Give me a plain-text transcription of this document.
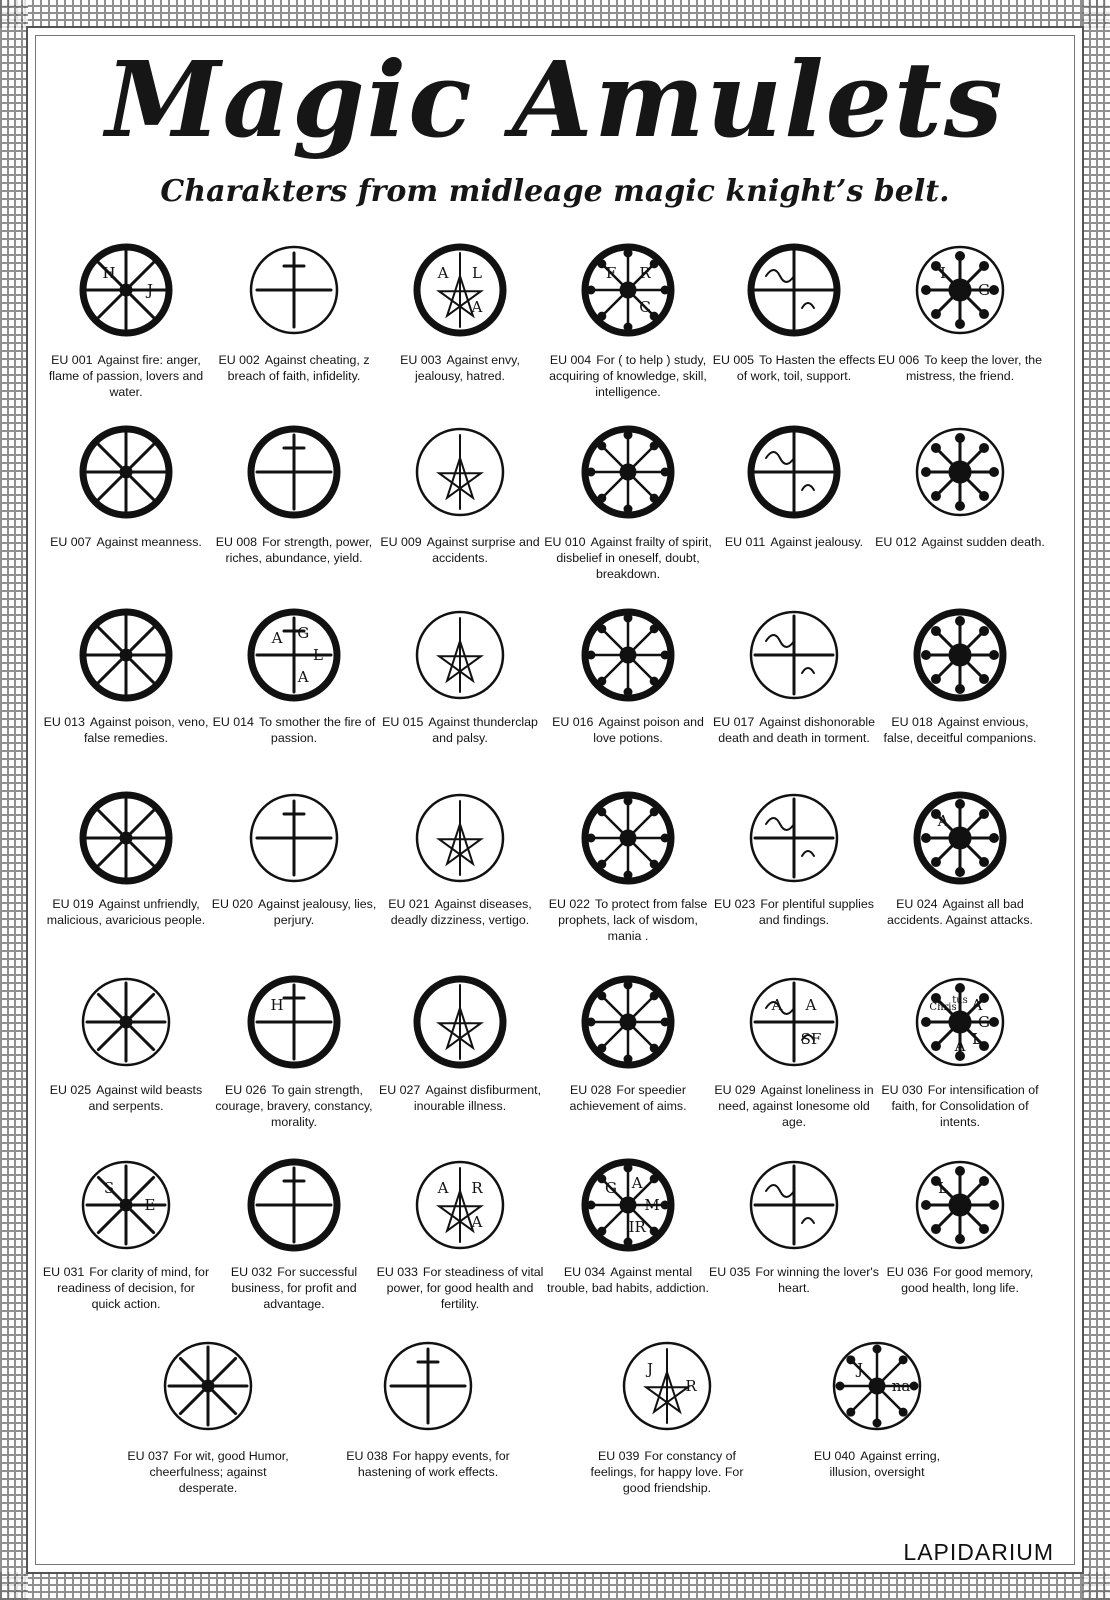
Magic Amulets
Charakters from midleage magic knight’s belt.
H
J
EU 001 Against fire: anger, flame of passion, lovers and water.
EU 002 Against cheating, z breach of faith, infidelity.
A L
A
EU 003 Against envy, jealousy, hatred.
F R
C
EU 004 For ( to help ) study, acquiring of knowledge, skill, intelligence.
EU 005 To Hasten the effects of work, toil, support.
I
G
EU 006 To keep the lover, the mistress, the friend.
EU 007 Against meanness.	EU 008 For strength, power, riches, abundance, yield.
EU 009 Against surprise and accidents.
EU 010 Against frailty of spirit, disbelief in oneself, doubt, breakdown.
EU 011 Against jealousy. EU 012 Against sudden death.
EU 013 Against poison, veno, false remedies.
A G
L
A
EU 014 To smother the fire of passion.
EU 015 Against thunderclap and palsy.
EU 016 Against poison and love potions.
EU 017 Against dishonorable death and death in torment.
EU 018 Against envious, false, deceitful companions.
EU 019 Against unfriendly, malicious, avaricious people.
EU 020 Against jealousy, lies, perjury.
EU 021 Against diseases, deadly dizziness, vertigo.
EU 022 To protect from false prophets, lack of wisdom, mania .
EU 023 For plentiful supplies and findings.
A
EU 024 Against all bad accidents. Against attacks.
EU 025 Against wild beasts and serpents.
H
EU 026 To gain strength, courage, bravery, constancy, morality.
EU 027 Against disfiburment, inourable illness.
EU 028 For speedier achievement of aims.
A A
SF
EU 029 Against loneliness in need, against lonesome old age.
Chris
tus A
G
L
A
EU 030 For intensification of faith, for Consolidation of intents.
S
E
EU 031 For clarity of mind, for readiness of decision, for quick action.
EU 032 For successful business, for profit and advantage.
A R
A
EU 033 For steadiness of vital power, for good health and fertility.
G A
M
IR
EU 034 Against mental trouble, bad habits, addiction.
EU 035 For winning the lover's heart.
L
EU 036 For good memory, good health, long life.
EU 037 For wit, good Humor, cheerfulness; against desperate.
EU 038 For happy events, for hastening of work effects.
J
R
EU 039 For constancy of feelings, for happy love. For good friendship.
J
na
EU 040 Against erring, illusion, oversight
LAPIDARIUM
